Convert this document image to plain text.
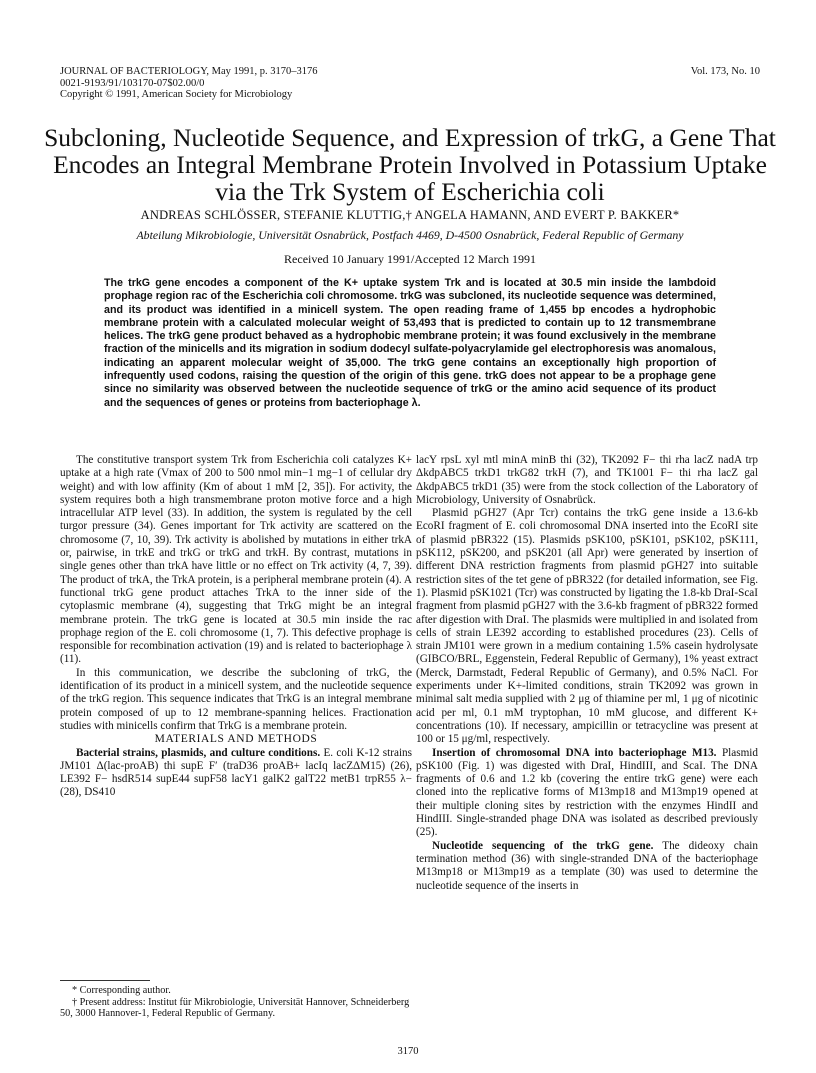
JOURNAL OF BACTERIOLOGY, May 1991, p. 3170–3176
0021-9193/91/103170-07$02.00/0
Copyright © 1991, American Society for Microbiology
Vol. 173, No. 10
Subcloning, Nucleotide Sequence, and Expression of trkG, a Gene That Encodes an Integral Membrane Protein Involved in Potassium Uptake via the Trk System of Escherichia coli
ANDREAS SCHLÖSSER, STEFANIE KLUTTIG,† ANGELA HAMANN, AND EVERT P. BAKKER*
Abteilung Mikrobiologie, Universität Osnabrück, Postfach 4469, D-4500 Osnabrück, Federal Republic of Germany
Received 10 January 1991/Accepted 12 March 1991
The trkG gene encodes a component of the K+ uptake system Trk and is located at 30.5 min inside the lambdoid prophage region rac of the Escherichia coli chromosome. trkG was subcloned, its nucleotide sequence was determined, and its product was identified in a minicell system. The open reading frame of 1,455 bp encodes a hydrophobic membrane protein with a calculated molecular weight of 53,493 that is predicted to contain up to 12 transmembrane helices. The trkG gene product behaved as a hydrophobic membrane protein; it was found exclusively in the membrane fraction of the minicells and its migration in sodium dodecyl sulfate-polyacrylamide gel electrophoresis was anomalous, indicating an apparent molecular weight of 35,000. The trkG gene contains an exceptionally high proportion of infrequently used codons, raising the question of the origin of this gene. trkG does not appear to be a prophage gene since no similarity was observed between the nucleotide sequence of trkG or the amino acid sequence of its product and the sequences of genes or proteins from bacteriophage λ.

The constitutive transport system Trk from Escherichia coli catalyzes K+ uptake at a high rate (Vmax of 200 to 500 nmol min−1 mg−1 of cellular dry weight) and with low affinity (Km of about 1 mM [2, 35]). For activity, the system requires both a high transmembrane proton motive force and a high intracellular ATP level (33). In addition, the system is regulated by the cell turgor pressure (34). Genes important for Trk activity are scattered on the chromosome (7, 10, 39). Trk activity is abolished by mutations in either trkA or, pairwise, in trkE and trkG or trkG and trkH. By contrast, mutations in single genes other than trkA have little or no effect on Trk activity (4, 7, 39). The product of trkA, the TrkA protein, is a peripheral membrane protein (4). A functional trkG gene product attaches TrkA to the inner side of the cytoplasmic membrane (4), suggesting that TrkG might be an integral membrane protein. The trkG gene is located at 30.5 min inside the rac prophage region of the E. coli chromosome (1, 7). This defective prophage is responsible for recombination activation (19) and is related to bacteriophage λ (11).

In this communication, we describe the subcloning of trkG, the identification of its product in a minicell system, and the nucleotide sequence of the trkG region. This sequence indicates that TrkG is an integral membrane protein composed of up to 12 membrane-spanning helices. Fractionation studies with minicells confirm that TrkG is a membrane protein.

MATERIALS AND METHODS

Bacterial strains, plasmids, and culture conditions. E. coli K-12 strains JM101 Δ(lac-proAB) thi supE F′ (traD36 proAB+ lacIq lacZΔM15) (26), LE392 F− hsdR514 supE44 supF58 lacY1 galK2 galT22 metB1 trpR55 λ− (28), DS410

lacY rpsL xyl mtl minA minB thi (32), TK2092 F− thi rha lacZ nadA trp ΔkdpABC5 trkD1 trkG82 trkH (7), and TK1001 F− thi rha lacZ gal ΔkdpABC5 trkD1 (35) were from the stock collection of the Laboratory of Microbiology, University of Osnabrück.

Plasmid pGH27 (Apr Tcr) contains the trkG gene inside a 13.6-kb EcoRI fragment of E. coli chromosomal DNA inserted into the EcoRI site of plasmid pBR322 (15). Plasmids pSK100, pSK101, pSK102, pSK111, pSK112, pSK200, and pSK201 (all Apr) were generated by insertion of different DNA restriction fragments from plasmid pGH27 into suitable restriction sites of the tet gene of pBR322 (for detailed information, see Fig. 1). Plasmid pSK1021 (Tcr) was constructed by ligating the 1.8-kb DraI-ScaI fragment from plasmid pGH27 with the 3.6-kb fragment of pBR322 formed after digestion with DraI. The plasmids were multiplied in and isolated from cells of strain LE392 according to established procedures (23). Cells of strain JM101 were grown in a medium containing 1.5% casein hydrolysate (GIBCO/BRL, Eggenstein, Federal Republic of Germany), 1% yeast extract (Merck, Darmstadt, Federal Republic of Germany), and 0.5% NaCl. For experiments under K+-limited conditions, strain TK2092 was grown in minimal salt media supplied with 2 μg of thiamine per ml, 1 μg of nicotinic acid per ml, 0.1 mM tryptophan, 10 mM glucose, and different K+ concentrations (10). If necessary, ampicillin or tetracycline was present at 100 or 15 μg/ml, respectively.

Insertion of chromosomal DNA into bacteriophage M13. Plasmid pSK100 (Fig. 1) was digested with DraI, HindIII, and ScaI. The DNA fragments of 0.6 and 1.2 kb (covering the entire trkG gene) were each cloned into the replicative forms of M13mp18 and M13mp19 opened at their multiple cloning sites by restriction with the enzymes HindII and HindIII. Single-stranded phage DNA was isolated as described previously (25).

Nucleotide sequencing of the trkG gene. The dideoxy chain termination method (36) with single-stranded DNA of the bacteriophage M13mp18 or M13mp19 as a template (30) was used to determine the nucleotide sequence of the inserts in

* Corresponding author.

† Present address: Institut für Mikrobiologie, Universität Hannover, Schneiderberg 50, 3000 Hannover-1, Federal Republic of Germany.

3170
